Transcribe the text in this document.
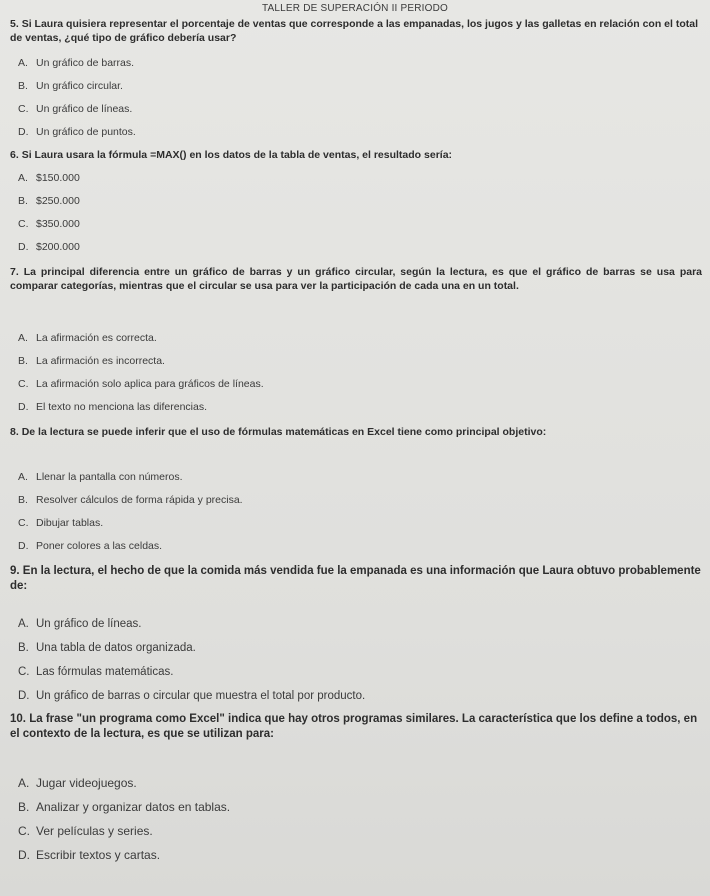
TALLER DE SUPERACIÓN II PERIODO

5. Si Laura quisiera representar el porcentaje de ventas que corresponde a las empanadas, los jugos y las galletas en relación con el total de ventas, ¿qué tipo de gráfico debería usar?

A. Un gráfico de barras.
B. Un gráfico circular.
C. Un gráfico de líneas.
D. Un gráfico de puntos.

6. Si Laura usara la fórmula =MAX() en los datos de la tabla de ventas, el resultado sería:

A. $150.000
B. $250.000
C. $350.000
D. $200.000

7. La principal diferencia entre un gráfico de barras y un gráfico circular, según la lectura, es que el gráfico de barras se usa para comparar categorías, mientras que el circular se usa para ver la participación de cada una en un total.

A. La afirmación es correcta.
B. La afirmación es incorrecta.
C. La afirmación solo aplica para gráficos de líneas.
D. El texto no menciona las diferencias.

8. De la lectura se puede inferir que el uso de fórmulas matemáticas en Excel tiene como principal objetivo:

A. Llenar la pantalla con números.
B. Resolver cálculos de forma rápida y precisa.
C. Dibujar tablas.
D. Poner colores a las celdas.

9. En la lectura, el hecho de que la comida más vendida fue la empanada es una información que Laura obtuvo probablemente de:

A. Un gráfico de líneas.
B. Una tabla de datos organizada.
C. Las fórmulas matemáticas.
D. Un gráfico de barras o circular que muestra el total por producto.

10. La frase "un programa como Excel" indica que hay otros programas similares. La característica que los define a todos, en el contexto de la lectura, es que se utilizan para:

A. Jugar videojuegos.
B. Analizar y organizar datos en tablas.
C. Ver películas y series.
D. Escribir textos y cartas.
